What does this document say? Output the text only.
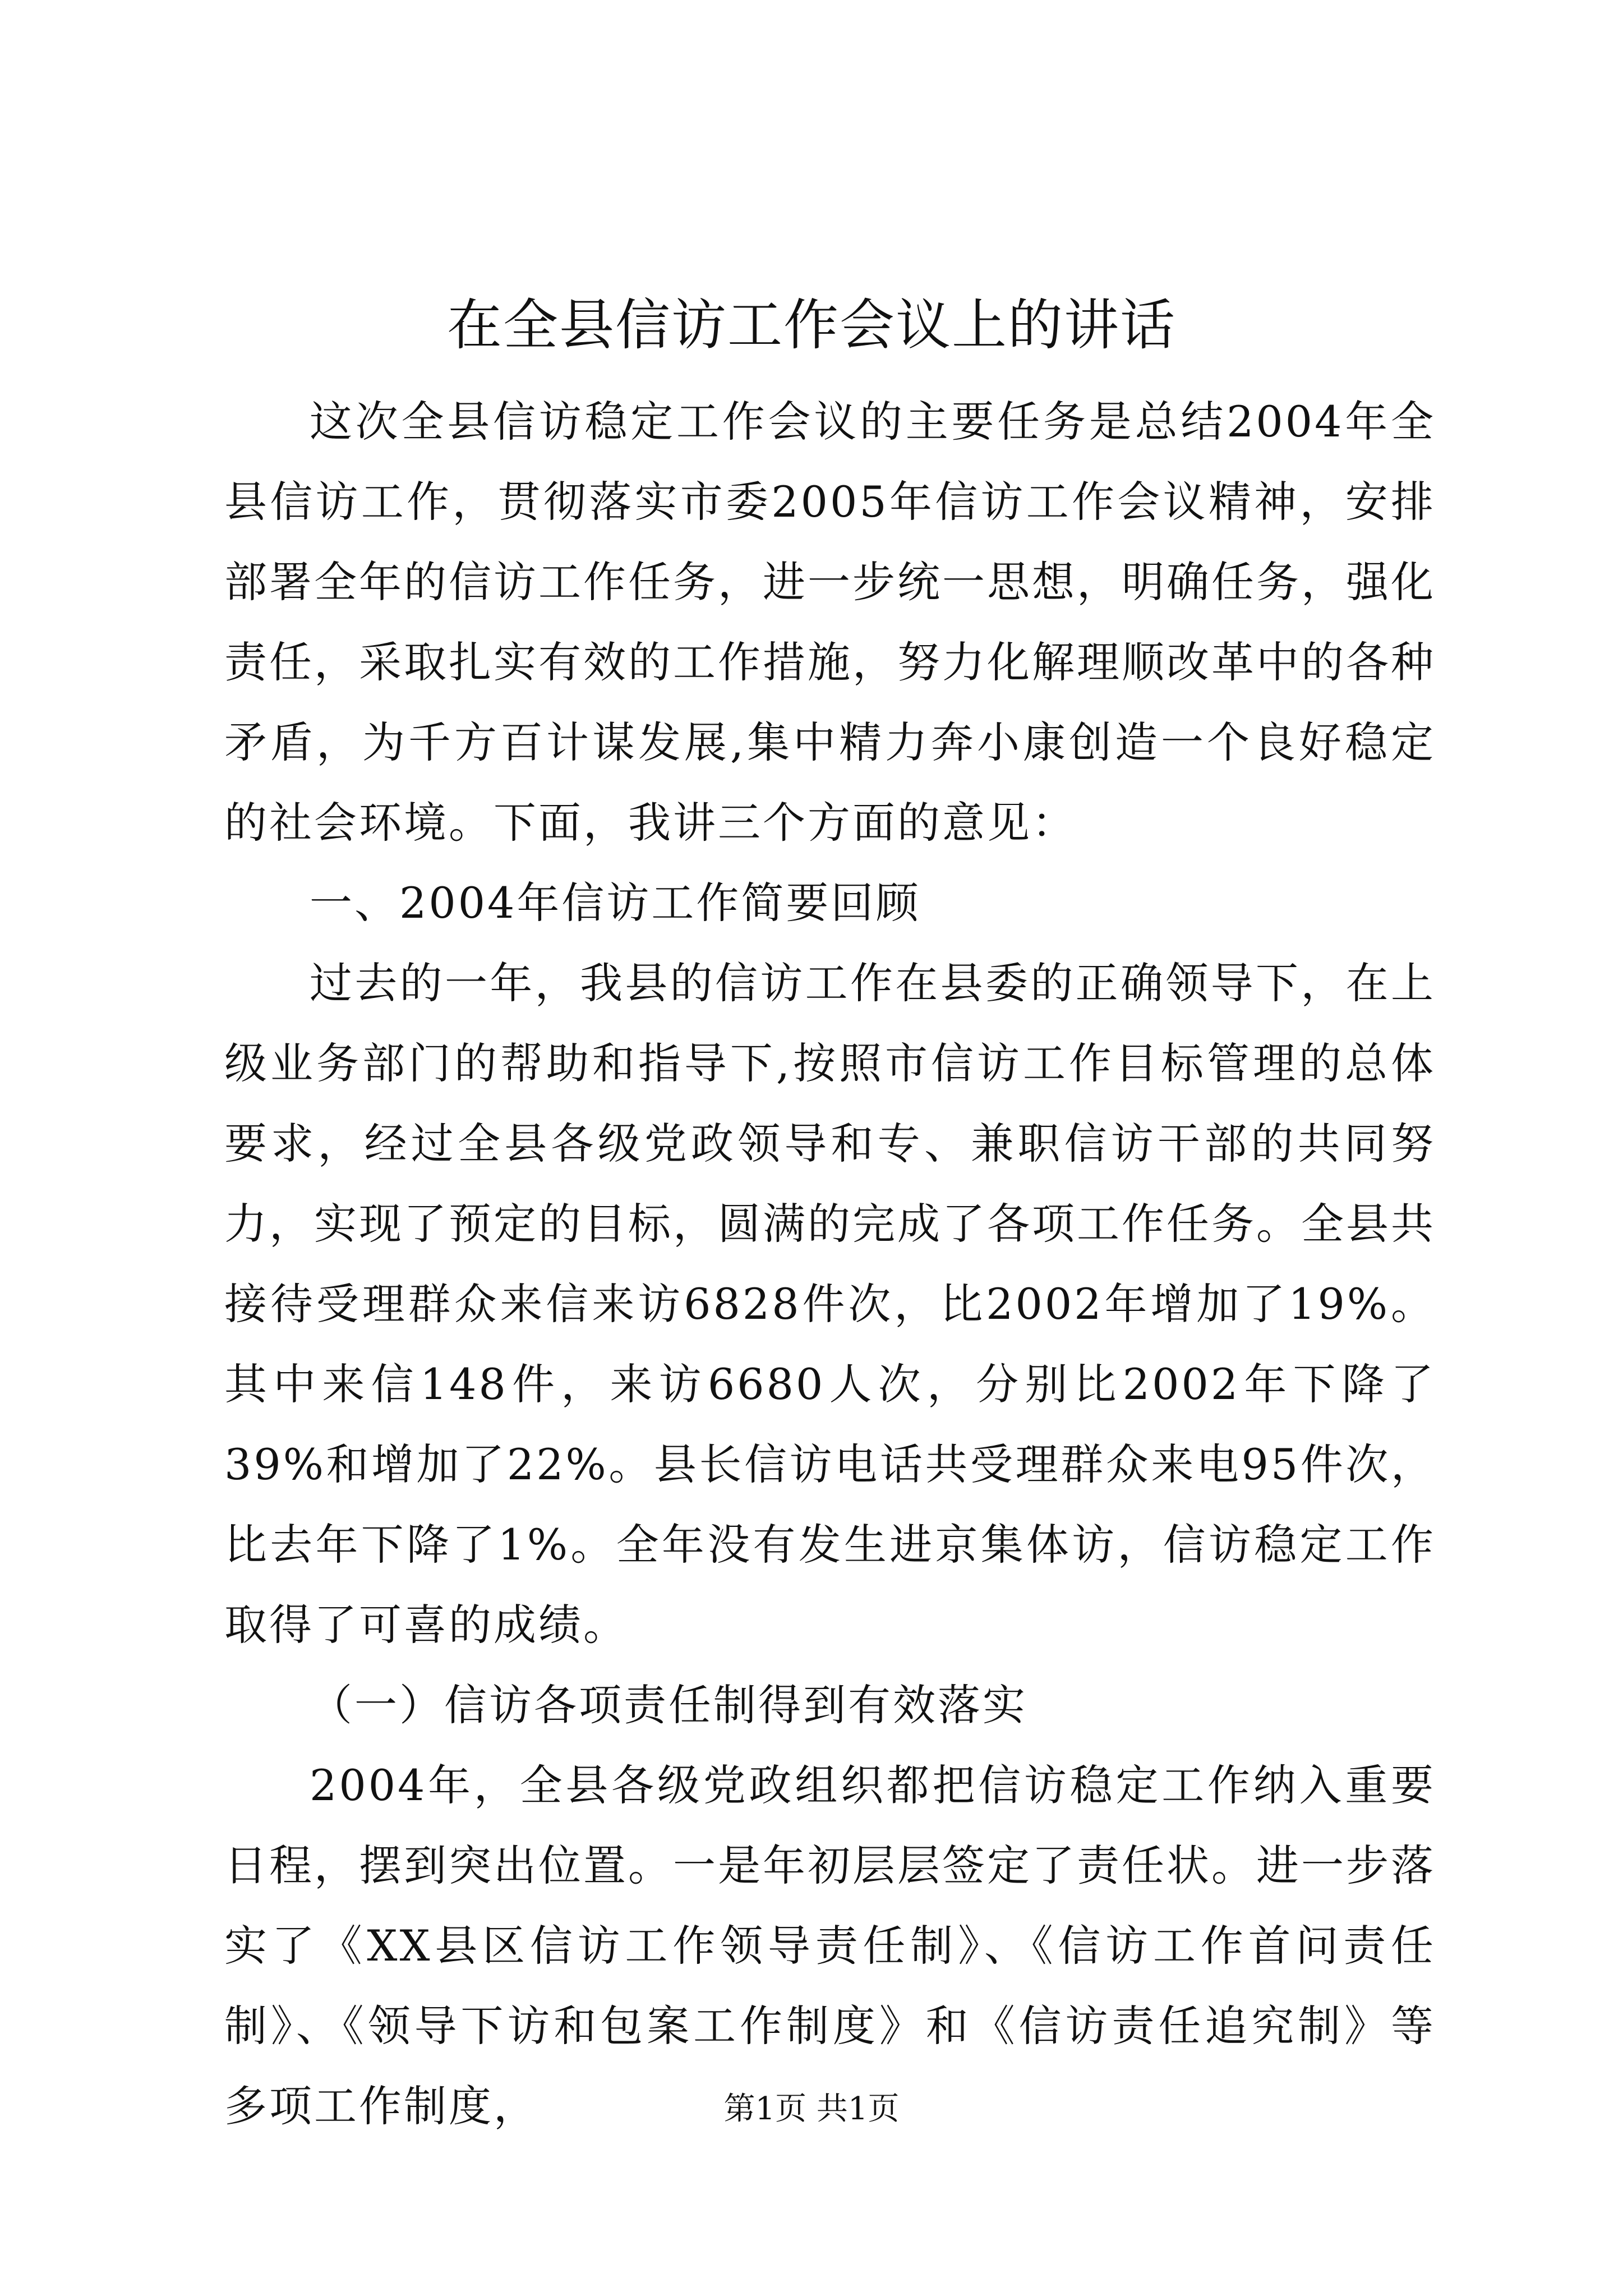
在全县信访工作会议上的讲话

这次全县信访稳定工作会议的主要任务是总结2004年全县信访工作，贯彻落实市委2005年信访工作会议精神，安排部署全年的信访工作任务，进一步统一思想，明确任务，强化责任，采取扎实有效的工作措施，努力化解理顺改革中的各种矛盾，为千方百计谋发展,集中精力奔小康创造一个良好稳定的社会环境。下面，我讲三个方面的意见：

一、2004年信访工作简要回顾

过去的一年，我县的信访工作在县委的正确领导下，在上级业务部门的帮助和指导下,按照市信访工作目标管理的总体要求，经过全县各级党政领导和专、兼职信访干部的共同努力，实现了预定的目标，圆满的完成了各项工作任务。全县共接待受理群众来信来访6828件次，比2002年增加了19%。其中来信148件，来访6680人次，分别比2002年下降了39%和增加了22%。县长信访电话共受理群众来电95件次，比去年下降了1%。全年没有发生进京集体访，信访稳定工作取得了可喜的成绩。

（一）信访各项责任制得到有效落实

2004年，全县各级党政组织都把信访稳定工作纳入重要日程，摆到突出位置。一是年初层层签定了责任状。进一步落实了《XX县区信访工作领导责任制》、《信访工作首问责任制》、《领导下访和包案工作制度》和《信访责任追究制》等多项工作制度，	第1页 共1页
